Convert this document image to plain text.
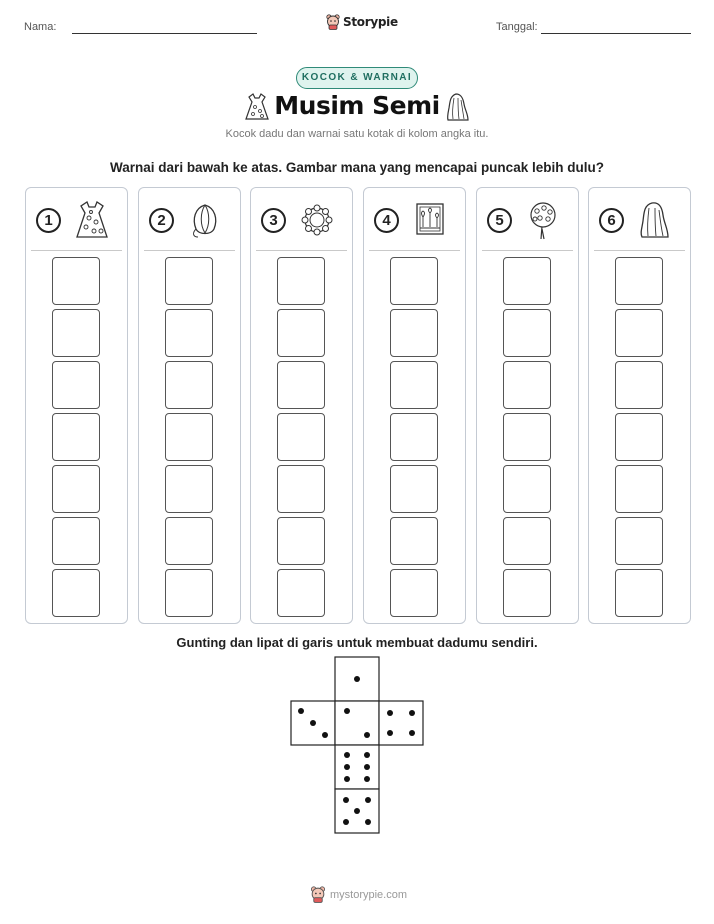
Nama:	Storypie	Tanggal:
KOCOK & WARNAI
Musim Semi
Kocok dadu dan warnai satu kotak di kolom angka itu.
Warnai dari bawah ke atas. Gambar mana yang mencapai puncak lebih dulu?
1	2	3	4	5	6
Gunting dan lipat di garis untuk membuat dadumu sendiri.
mystorypie.com
